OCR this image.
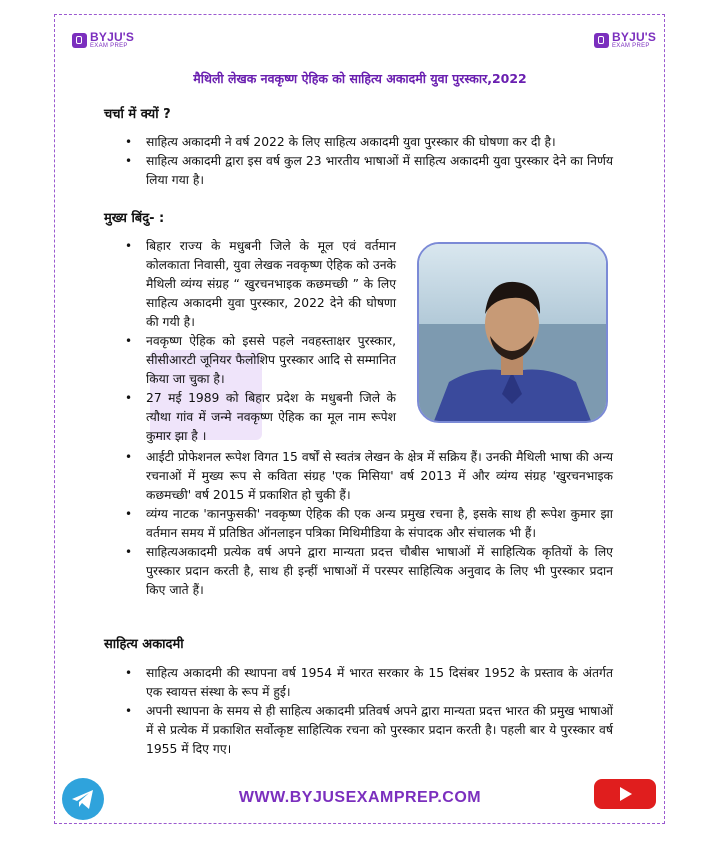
BYJU'S
EXAM PREP
BYJU'S
EXAM PREP
मैथिली लेखक नवकृष्ण ऐहिक को साहित्य अकादमी युवा पुरस्कार,2022
चर्चा में क्यों ?
• साहित्य अकादमी ने वर्ष 2022 के लिए साहित्य अकादमी युवा पुरस्कार की घोषणा कर दी है।
• साहित्य अकादमी द्वारा इस वर्ष कुल 23 भारतीय भाषाओं में साहित्य अकादमी युवा पुरस्कार देने का निर्णय लिया गया है।
मुख्य बिंदु- :
• बिहार राज्य के मधुबनी जिले के मूल एवं वर्तमान कोलकाता निवासी, युवा लेखक नवकृष्ण ऐहिक को उनके मैथिली व्यंग्य संग्रह “ खुरचनभाइक कछमच्छी ” के लिए साहित्य अकादमी युवा पुरस्कार, 2022 देने की घोषणा की गयी है।
• नवकृष्ण ऐहिक को इससे पहले नवहस्ताक्षर पुरस्कार, सीसीआरटी जूनियर फैलोशिप पुरस्कार आदि से सम्मानित किया जा चुका है।
• 27 मई 1989 को बिहार प्रदेश के मधुबनी जिले के त्यौथा गांव में जन्मे नवकृष्ण ऐहिक का मूल नाम रूपेश कुमार झा है ।
• आईटी प्रोफेशनल रूपेश विगत 15 वर्षों से स्वतंत्र लेखन के क्षेत्र में सक्रिय हैं। उनकी मैथिली भाषा की अन्य रचनाओं में मुख्य रूप से कविता संग्रह 'एक मिसिया' वर्ष 2013 में और व्यंग्य संग्रह 'खुरचनभाइक कछमच्छी' वर्ष 2015 में प्रकाशित हो चुकी हैं।
• व्यंग्य नाटक 'कानफुसकी' नवकृष्ण ऐहिक की एक अन्य प्रमुख रचना है, इसके साथ ही रूपेश कुमार झा वर्तमान समय में प्रतिष्ठित ऑनलाइन पत्रिका मिथिमीडिया के संपादक और संचालक भी हैं।
• साहित्यअकादमी प्रत्येक वर्ष अपने द्वारा मान्यता प्रदत्त चौबीस भाषाओं में साहित्यिक कृतियों के लिए पुरस्कार प्रदान करती है, साथ ही इन्हीं भाषाओं में परस्पर साहित्यिक अनुवाद के लिए भी पुरस्कार प्रदान किए जाते हैं।
साहित्य अकादमी
• साहित्य अकादमी की स्थापना वर्ष 1954 में भारत सरकार के 15 दिसंबर 1952 के प्रस्ताव के अंतर्गत एक स्वायत्त संस्था के रूप में हुई।
• अपनी स्थापना के समय से ही साहित्य अकादमी प्रतिवर्ष अपने द्वारा मान्यता प्रदत्त भारत की प्रमुख भाषाओं में से प्रत्येक में प्रकाशित सर्वोत्कृष्ट साहित्यिक रचना को पुरस्कार प्रदान करती है। पहली बार ये पुरस्कार वर्ष 1955 में दिए गए।
WWW.BYJUSEXAMPREP.COM
